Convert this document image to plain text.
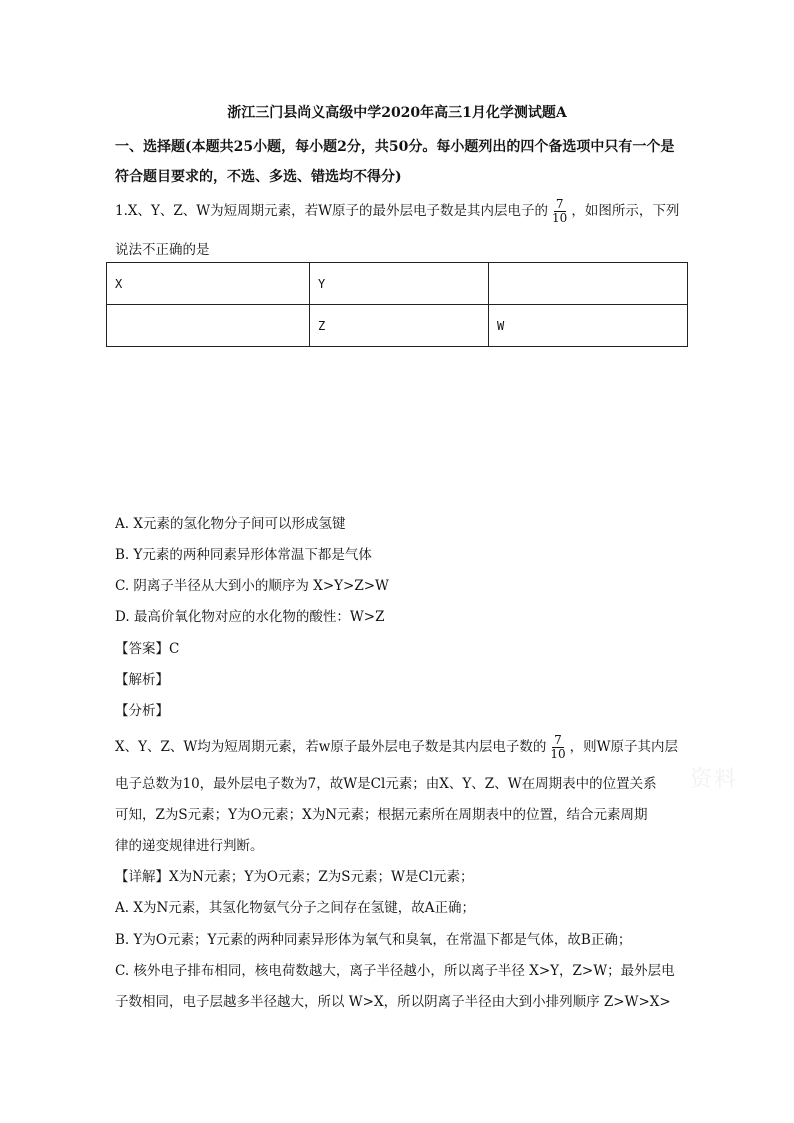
浙江三门县尚义高级中学2020年高三1月化学测试题A
一、选择题(本题共25小题，每小题2分，共50分。每小题列出的四个备选项中只有一个是
符合题目要求的，不选、多选、错选均不得分)
1.X、Y、Z、W为短周期元素，若W原子的最外层电子数是其内层电子的 $\frac{7}{10}$ ，如图所示，下列
说法不正确的是
X	Y	
	Z	W
A. X元素的氢化物分子间可以形成氢键
B. Y元素的两种同素异形体常温下都是气体
C. 阴离子半径从大到小的顺序为 X>Y>Z>W
D. 最高价氧化物对应的水化物的酸性：W>Z
【答案】C
【解析】
【分析】
X、Y、Z、W均为短周期元素，若w原子最外层电子数是其内层电子数的 $\frac{7}{10}$ ，则W原子其内层
电子总数为10，最外层电子数为7，故W是Cl元素；由X、Y、Z、W在周期表中的位置关系
可知，Z为S元素；Y为O元素；X为N元素；根据元素所在周期表中的位置，结合元素周期
律的递变规律进行判断。
【详解】X为N元素；Y为O元素；Z为S元素；W是Cl元素；
A. X为N元素，其氢化物氨气分子之间存在氢键，故A正确；
B. Y为O元素；Y元素的两种同素异形体为氧气和臭氧，在常温下都是气体，故B正确；
C. 核外电子排布相同，核电荷数越大，离子半径越小，所以离子半径 X>Y，Z>W；最外层电
子数相同，电子层越多半径越大，所以 W>X，所以阴离子半径由大到小排列顺序 Z>W>X>
资料
